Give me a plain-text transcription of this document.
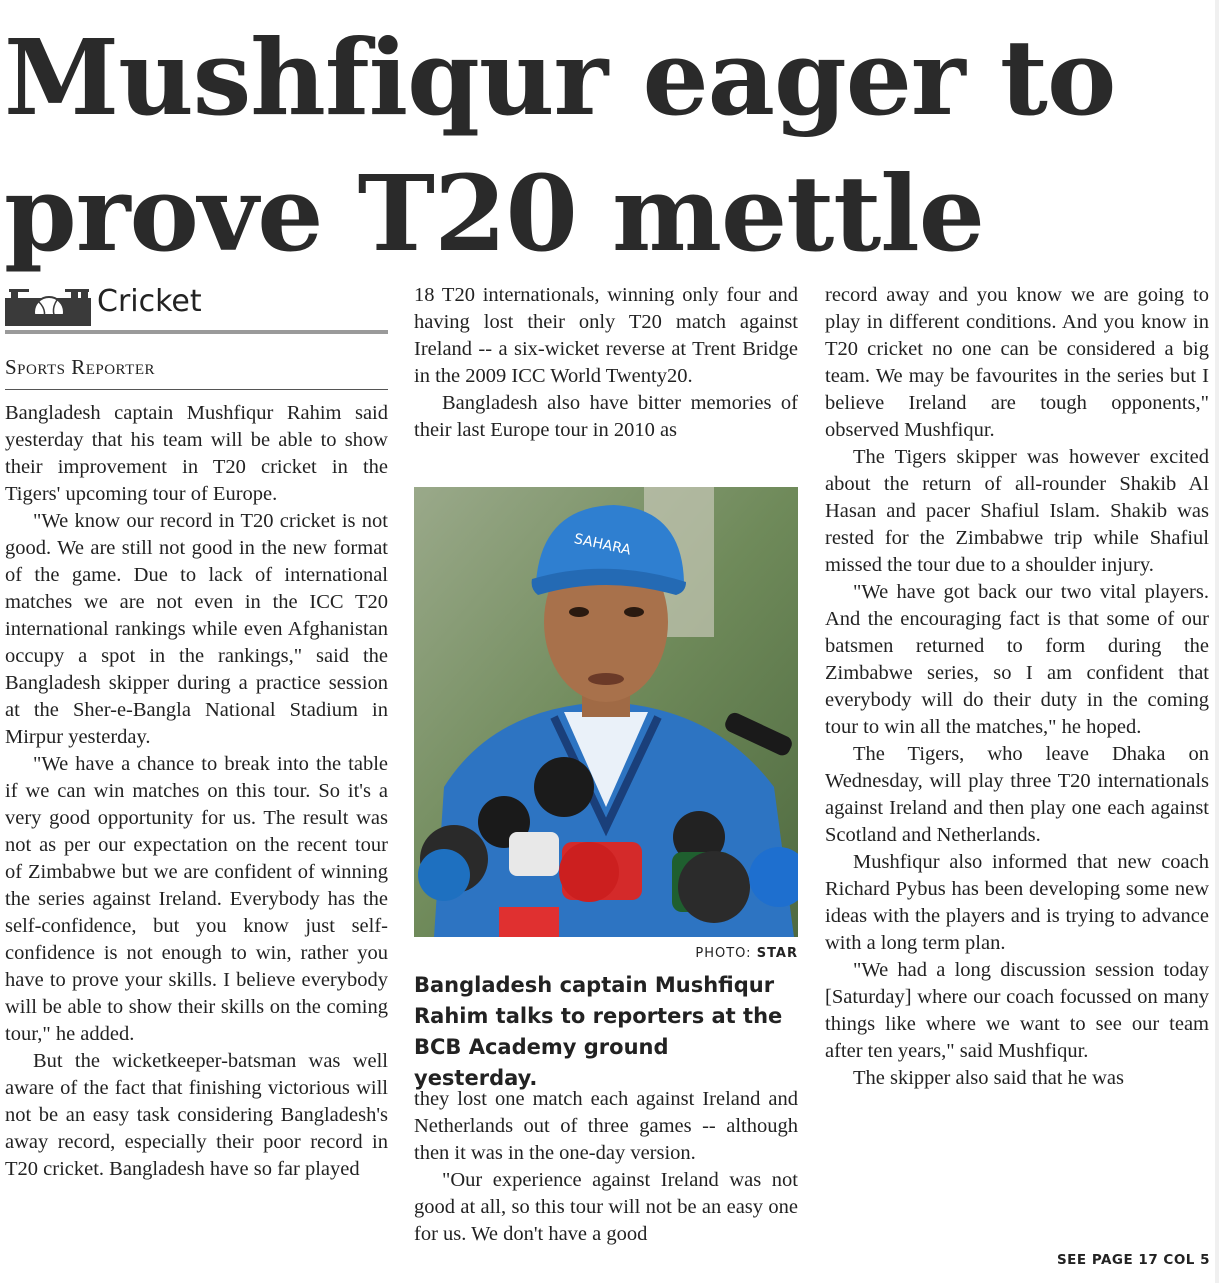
Mushfiqur eager to
prove T20 mettle
Cricket
Sports Reporter

Bangladesh captain Mushfiqur Rahim said yesterday that his team will be able to show their improvement in T20 cricket in the Tigers' upcoming tour of Europe.

"We know our record in T20 cricket is not good. We are still not good in the new format of the game. Due to lack of international matches we are not even in the ICC T20 international rankings while even Afghanistan occupy a spot in the rankings," said the Bangladesh skipper during a practice session at the Sher-e-Bangla National Stadium in Mirpur yesterday.

"We have a chance to break into the table if we can win matches on this tour. So it's a very good opportunity for us. The result was not as per our expectation on the recent tour of Zimbabwe but we are confident of winning the series against Ireland. Everybody has the self-confidence, but you know just self-confidence is not enough to win, rather you have to prove your skills. I believe everybody will be able to show their skills on the coming tour," he added.

But the wicketkeeper-batsman was well aware of the fact that finishing victorious will not be an easy task considering Bangladesh's away record, especially their poor record in T20 cricket. Bangladesh have so far played

18 T20 internationals, winning only four and having lost their only T20 match against Ireland -- a six-wicket reverse at Trent Bridge in the 2009 ICC World Twenty20.

Bangladesh also have bitter memories of their last Europe tour in 2010 as

SAHARA
PHOTO: STAR
Bangladesh captain Mushfiqur Rahim talks to reporters at the BCB Academy ground yesterday.

they lost one match each against Ireland and Netherlands out of three games -- although then it was in the one-day version.

"Our experience against Ireland was not good at all, so this tour will not be an easy one for us. We don't have a good

record away and you know we are going to play in different conditions. And you know in T20 cricket no one can be considered a big team. We may be favourites in the series but I believe Ireland are tough opponents," observed Mushfiqur.

The Tigers skipper was however excited about the return of all-rounder Shakib Al Hasan and pacer Shafiul Islam. Shakib was rested for the Zimbabwe trip while Shafiul missed the tour due to a shoulder injury.

"We have got back our two vital players. And the encouraging fact is that some of our batsmen returned to form during the Zimbabwe series, so I am confident that everybody will do their duty in the coming tour to win all the matches," he hoped.

The Tigers, who leave Dhaka on Wednesday, will play three T20 internationals against Ireland and then play one each against Scotland and Netherlands.

Mushfiqur also informed that new coach Richard Pybus has been developing some new ideas with the players and is trying to advance with a long term plan.

"We had a long discussion session today [Saturday] where our coach focussed on many things like where we want to see our team after ten years," said Mushfiqur.

The skipper also said that he was

SEE PAGE 17 COL 5
